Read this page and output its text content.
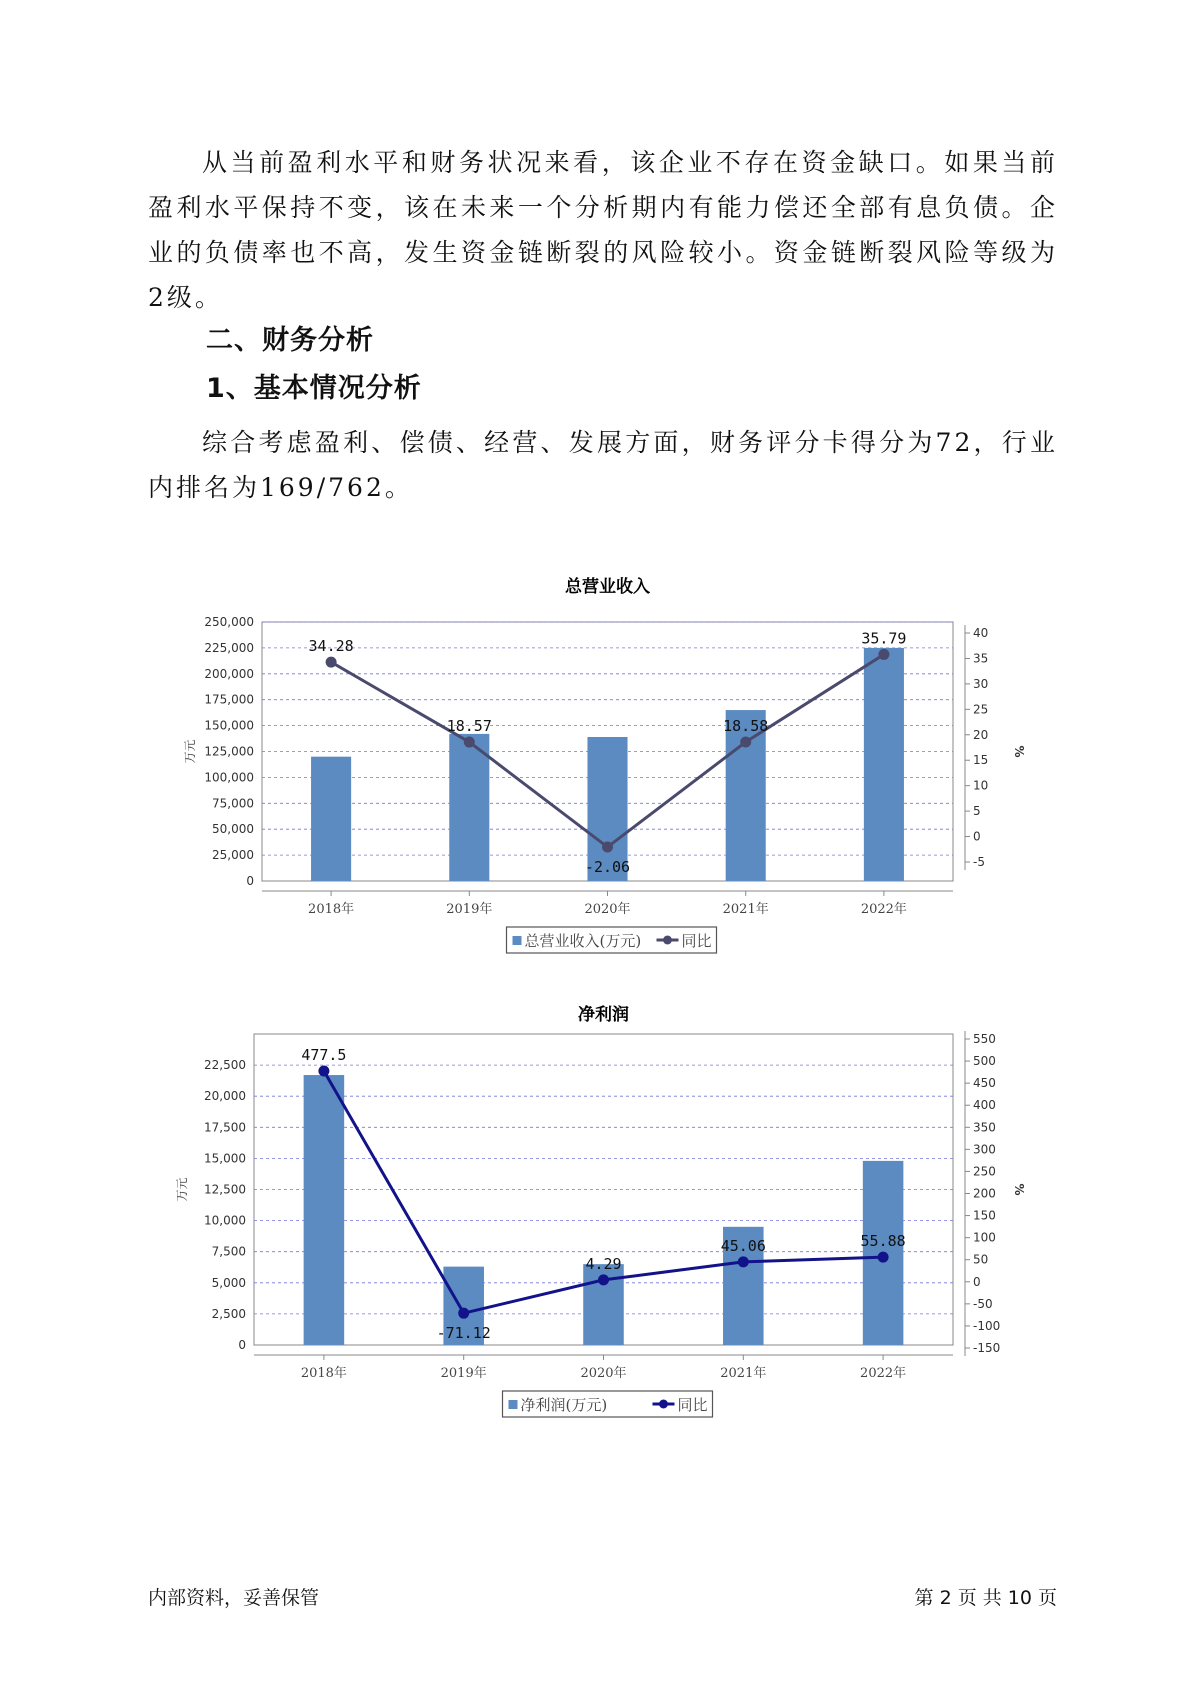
从当前盈利水平和财务状况来看，该企业不存在资金缺口。如果当前盈利水平保持不变，该在未来一个分析期内有能力偿还全部有息负债。企业的负债率也不高，发生资金链断裂的风险较小。资金链断裂风险等级为2级。

二、财务分析
1、基本情况分析

综合考虑盈利、偿债、经营、发展方面，财务评分卡得分为72，行业内排名为169/762。

总营业收入
0
25,000
50,000
75,000
100,000
125,000
150,000
175,000
200,000
225,000
250,000
-5
0
5
10
15
20
25
30
35
40
万元	%
2018年	2019年	2020年	2021年	2022年
34.28
18.57
-2.06
18.58
35.79
总营业收入(万元)	同比
净利润
0
2,500
5,000
7,500
10,000
12,500
15,000
17,500
20,000
22,500
-150
-100
-50
0
50
100
150
200
250
300
350
400
450
500
550
万元	%
2018年	2019年	2020年	2021年	2022年
477.5
-71.12
4.29
45.06	55.88
净利润(万元)	同比
内部资料，妥善保管	第 2 页 共 10 页
